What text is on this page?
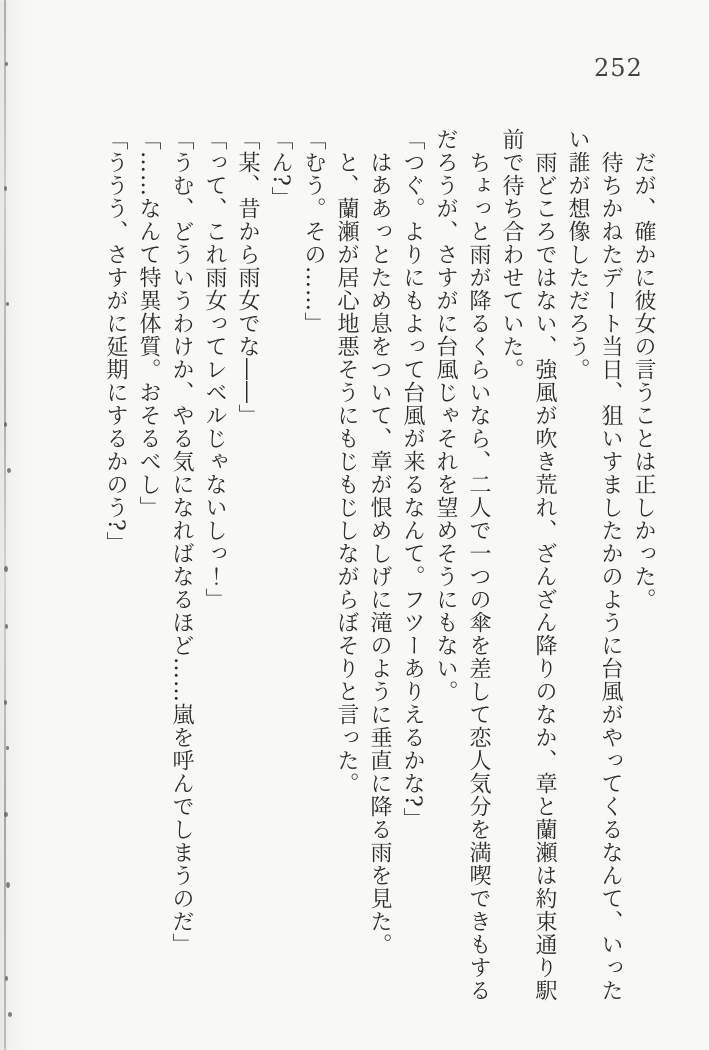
252

　だが、確かに彼女の言うことは正しかった。

　待ちかねたデート当日、狙いすましたかのように台風がやってくるなんて、いった

い誰が想像しただろう。

　雨どころではない、強風が吹き荒れ、ざんざん降りのなか、章と蘭瀬は約束通り駅

前で待ち合わせていた。

　ちょっと雨が降るくらいなら、二人で一つの傘を差して恋人気分を満喫できもする

だろうが、さすがに台風じゃそれを望めそうにもない。

「つぐ。よりにもよって台風が来るなんて。フツーありえるかな?」

　はああっとため息をついて、章が恨めしげに滝のように垂直に降る雨を見た。

　と、蘭瀬が居心地悪そうにもじもじしながらぼそりと言った。

「むう。その……」

「ん?」

「某、昔から雨女でな――」

「って、これ雨女ってレベルじゃないしっ！」

「うむ、どういうわけか、やる気になればなるほど……嵐を呼んでしまうのだ」

「……なんて特異体質。おそるべし」

「ううう、さすがに延期にするかのう?」
